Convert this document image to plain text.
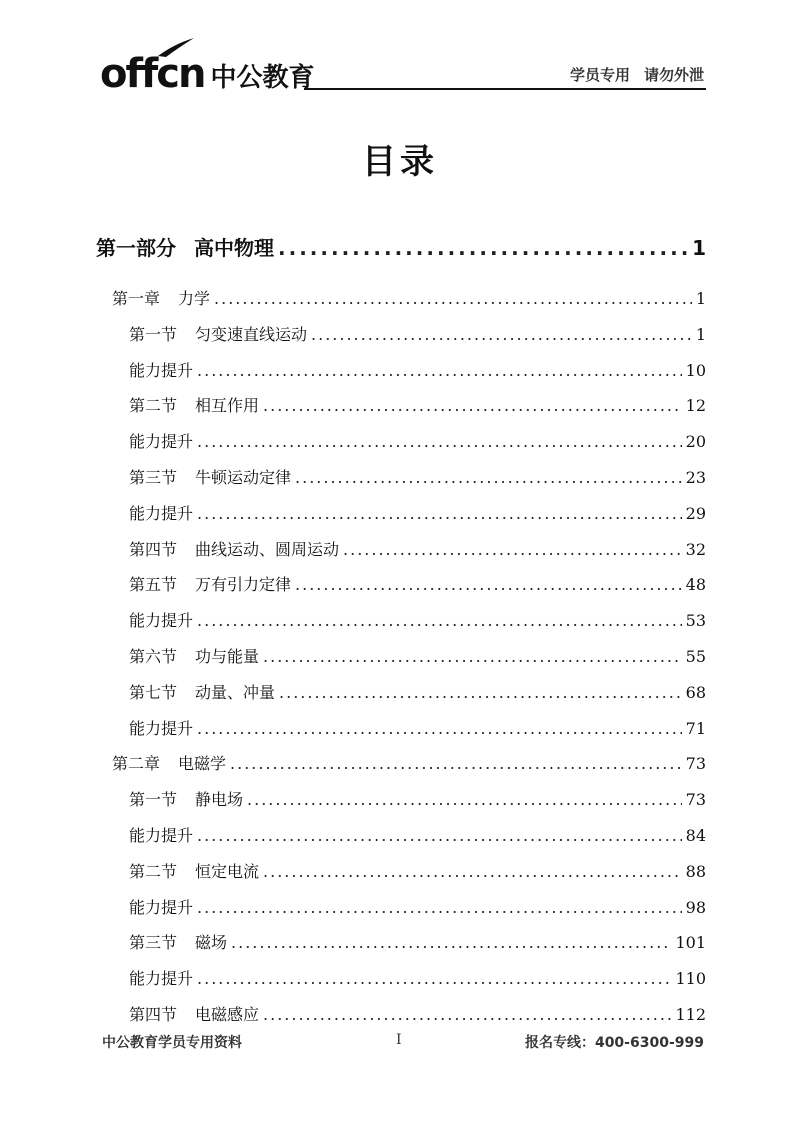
offcn 中公教育	学员专用 请勿外泄
目录
第一部分 高中物理 .....	1
第一章 力学 .....	1
第一节 匀变速直线运动 .....	1
能力提升 .....	10
第二节 相互作用 .....	12
能力提升 .....	20
第三节 牛顿运动定律 .....	23
能力提升 .....	29
第四节 曲线运动、圆周运动 .....	32
第五节 万有引力定律 .....	48
能力提升 .....	53
第六节 功与能量 .....	55
第七节 动量、冲量 .....	68
能力提升 .....	71
第二章 电磁学 .....	73
第一节 静电场 .....	73
能力提升 .....	84
第二节 恒定电流 .....	88
能力提升 .....	98
第三节 磁场 .....	101
能力提升 .....	110
第四节 电磁感应 .....	112
中公教育学员专用资料	I	报名专线：400-6300-999
